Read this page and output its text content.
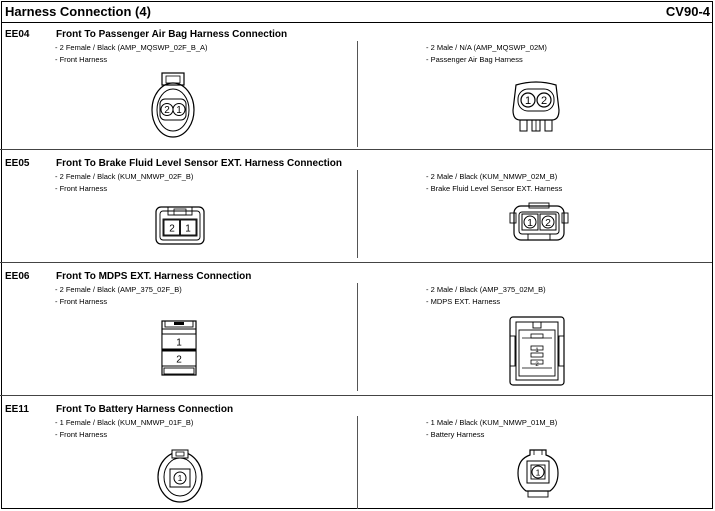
Harness Connection (4)	CV90-4
EE04	Front To Passenger Air Bag Harness Connection
- 2 Female / Black (AMP_MQSWP_02F_B_A)
- Front Harness
- 2 Male / N/A (AMP_MQSWP_02M)
- Passenger Air Bag Harness
2 1
1 2
EE05	Front To Brake Fluid Level Sensor EXT. Harness Connection
- 2 Female / Black (KUM_NMWP_02F_B)
- Front Harness
- 2 Male / Black (KUM_NMWP_02M_B)
- Brake Fluid Level Sensor EXT. Harness
2 1	1 2
EE06	Front To MDPS EXT. Harness Connection
- 2 Female / Black (AMP_375_02F_B)
- Front Harness
- 2 Male / Black (AMP_375_02M_B)
- MDPS EXT. Harness
1
2
1
2
EE11	Front To Battery Harness Connection
- 1 Female / Black (KUM_NMWP_01F_B)
- Front Harness
- 1 Male / Black (KUM_NMWP_01M_B)
- Battery Harness
1
1
